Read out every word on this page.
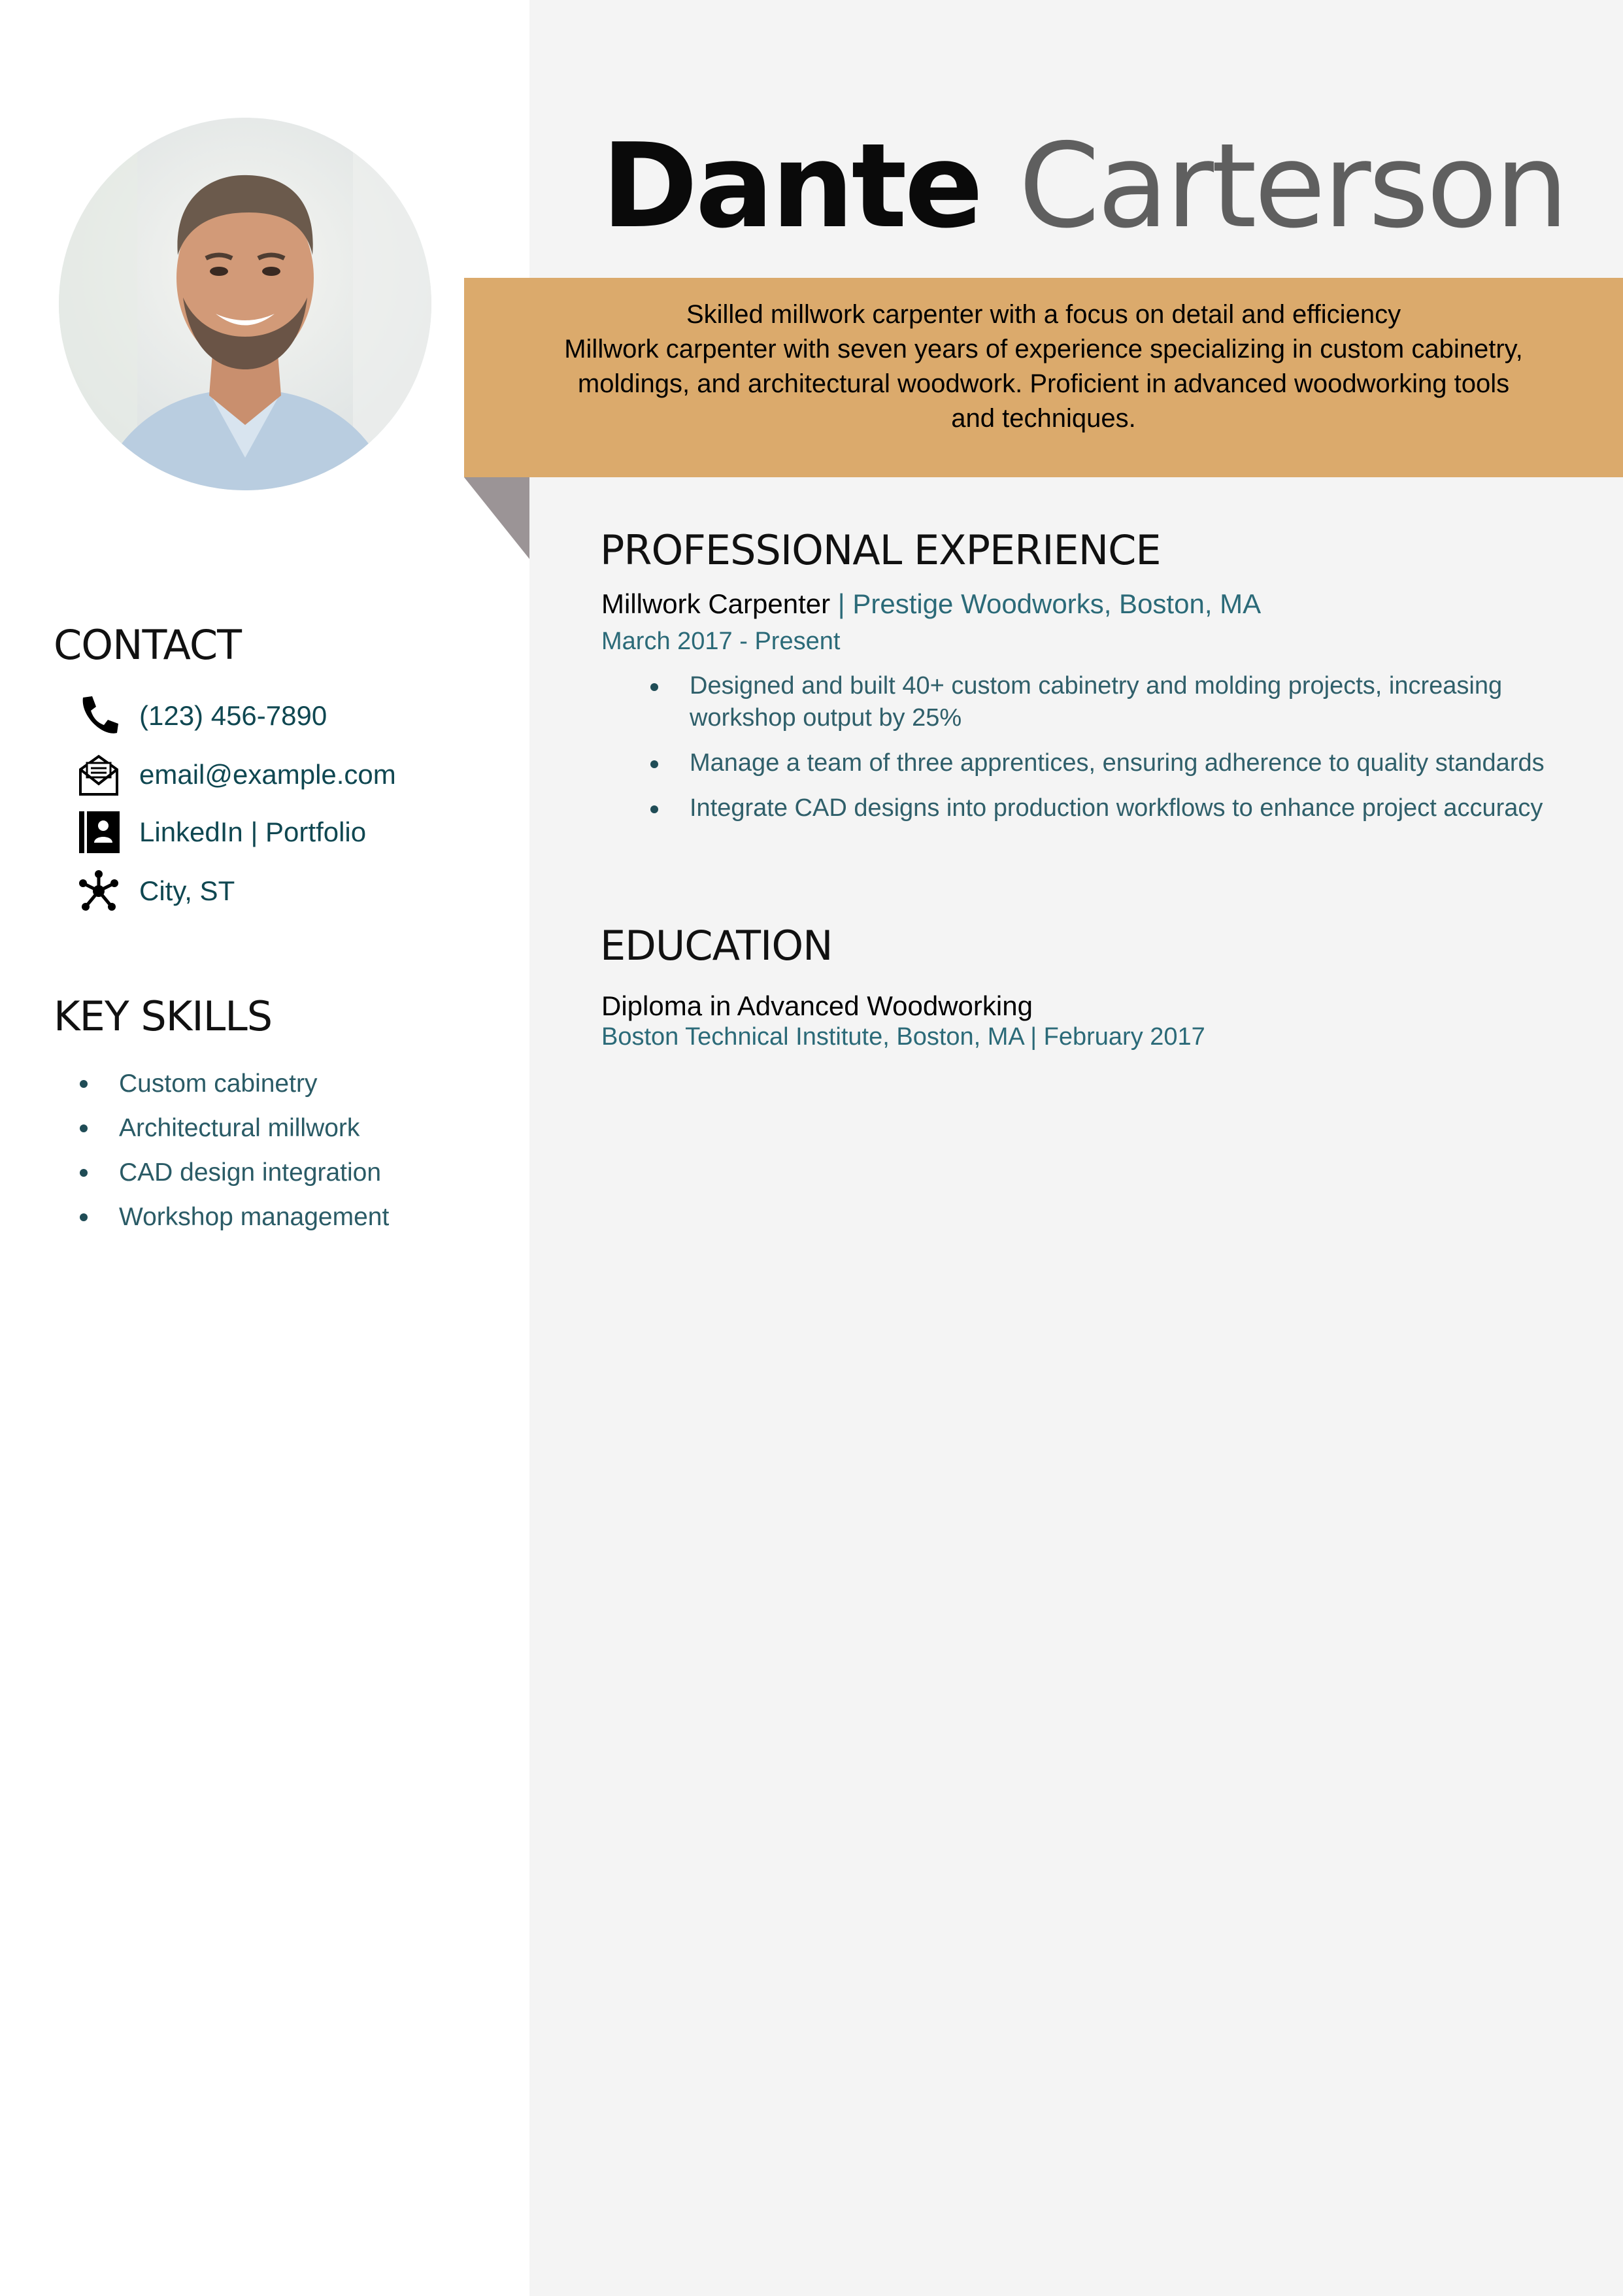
Dante Carterson
Skilled millwork carpenter with a focus on detail and efficiency
Millwork carpenter with seven years of experience specializing in custom cabinetry, moldings, and architectural woodwork. Proficient in advanced woodworking tools and techniques.
CONTACT
(123) 456-7890
email@example.com
LinkedIn | Portfolio
City, ST
KEY SKILLS
Custom cabinetry
Architectural millwork
CAD design integration
Workshop management
PROFESSIONAL EXPERIENCE
Millwork Carpenter | Prestige Woodworks, Boston, MA
March 2017 - Present
Designed and built 40+ custom cabinetry and molding projects, increasing workshop output by 25%
Manage a team of three apprentices, ensuring adherence to quality standards
Integrate CAD designs into production workflows to enhance project accuracy
EDUCATION
Diploma in Advanced Woodworking
Boston Technical Institute, Boston, MA | February 2017
